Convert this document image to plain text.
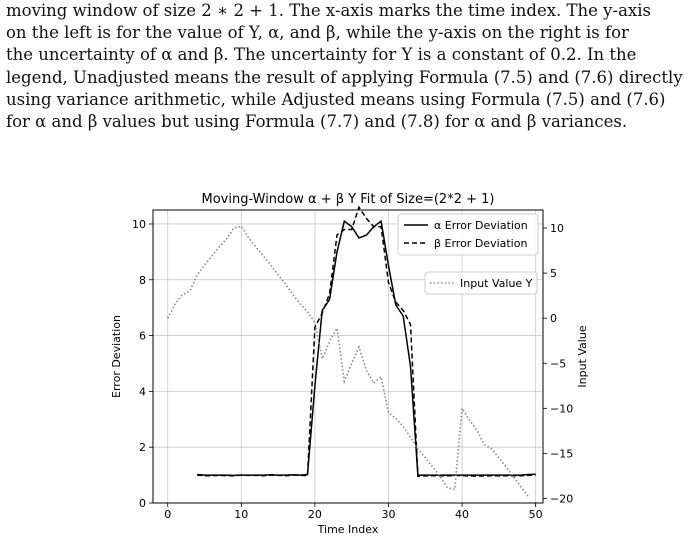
moving window of size 2 ∗ 2 + 1. The x-axis marks the time index. The y-axis
on the left is for the value of Y, α, and β, while the y-axis on the right is for
the uncertainty of α and β. The uncertainty for Y is a constant of 0.2. In the
legend, Unadjusted means the result of applying Formula (7.5) and (7.6) directly
using variance arithmetic, while Adjusted means using Formula (7.5) and (7.6)
for α and β values but using Formula (7.7) and (7.8) for α and β variances.
0	10	20	30	40	50
0
2
4
6
8
10
−20
−15
−10
−5
0
5
10
Moving-Window α + β Y Fit of Size=(2*2 + 1)
Time Index
Error Deviation	Input Value
α Error Deviation
β Error Deviation
Input Value Y
